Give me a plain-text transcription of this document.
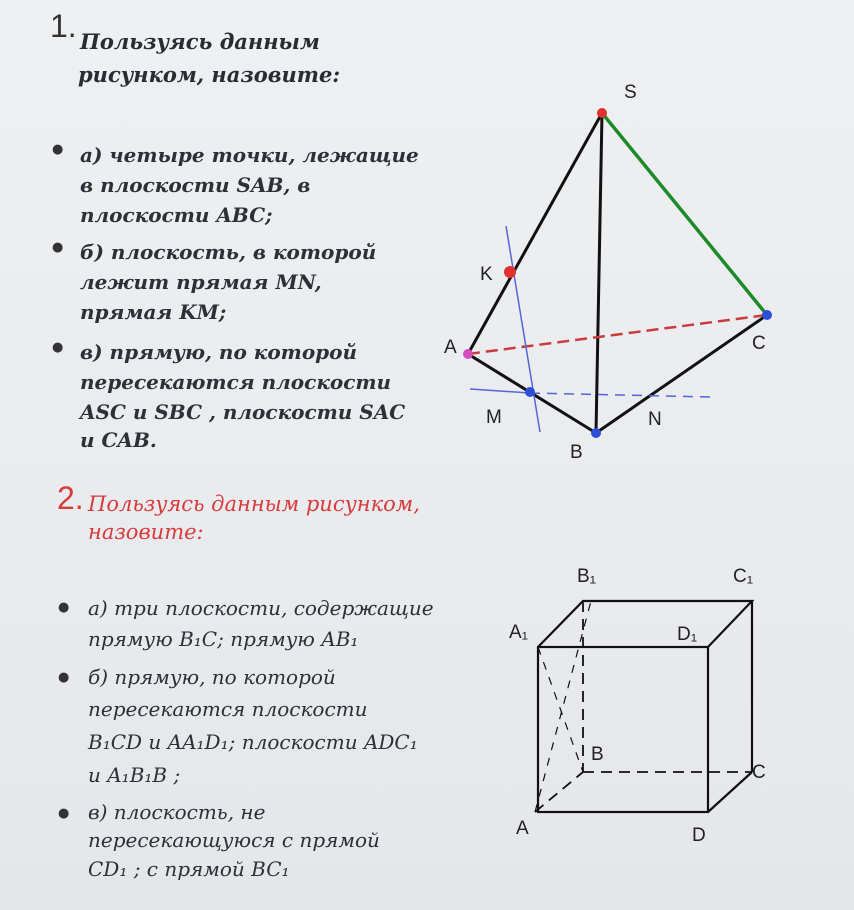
1. Пользуясь данным
рисунком, назовите:
● а) четыре точки, лежащие
в плоскости SAB, в
плоскости ABC;
● б) плоскость, в которой
лежит прямая MN,
прямая KM;
● в) прямую, по которой
пересекаются плоскости
ASC и SBC , плоскости SAC
и CAB.
2. Пользуясь данным рисунком,
назовите:
● а) три плоскости, содержащие
прямую B₁C; прямую AB₁
● б) прямую, по которой
пересекаются плоскости
B₁CD и AA₁D₁; плоскости ADC₁
и A₁B₁B ;
● в) плоскость, не
пересекающуюся с прямой
CD₁ ; с прямой BC₁
S
K
A	C
M	N
B
B₁	C₁
A₁	D₁
B
C
A	D
